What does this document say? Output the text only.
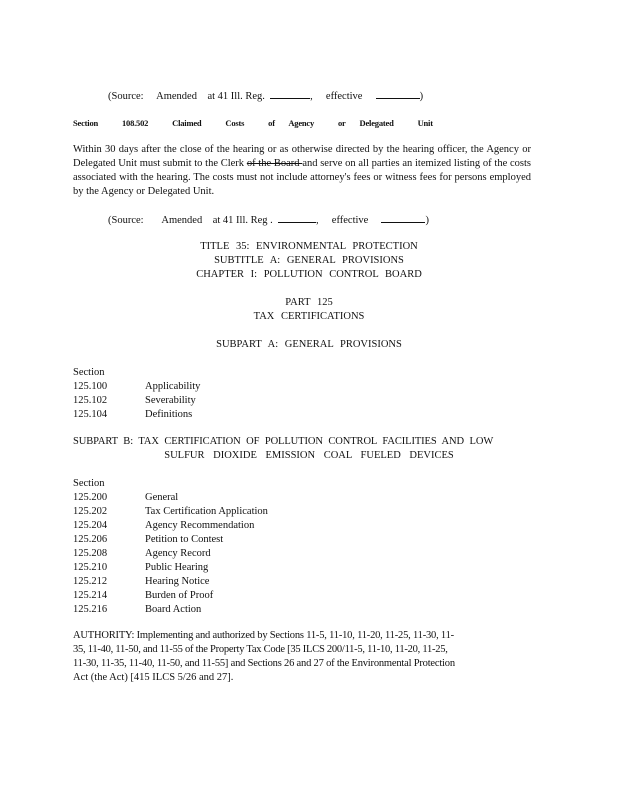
(Source: Amended at 41 Ill. Reg.	, effective	)
Section	108.502	Claimed	Costs	of Agency	or Delegated	Unit
Within 30 days after the close of the hearing or as otherwise directed by the hearing officer, the Agency or Delegated Unit must submit to the Clerk of the Board and serve on all parties an itemized listing of the costs associated with the hearing. The costs must not include attorney's fees or witness fees for persons employed by the Agency or Delegated Unit.
(Source: Amended at 41 Ill. Reg .	, effective	)
TITLE 35: ENVIRONMENTAL PROTECTION
SUBTITLE A: GENERAL PROVISIONS
CHAPTER I: POLLUTION CONTROL BOARD
PART 125
TAX CERTIFICATIONS
SUBPART A: GENERAL PROVISIONS
Section
125.100	Applicability
125.102	Severability
125.104	Definitions
SUBPART B: TAX CERTIFICATION OF POLLUTION CONTROL FACILITIES AND LOW
SULFUR DIOXIDE EMISSION COAL FUELED DEVICES
Section
125.200	General
125.202	Tax Certification Application
125.204	Agency Recommendation
125.206	Petition to Contest
125.208	Agency Record
125.210	Public Hearing
125.212	Hearing Notice
125.214	Burden of Proof
125.216	Board Action
AUTHORITY: Implementing and authorized by Sections 11-5, 11-10, 11-20, 11-25, 11-30, 11-
35, 11-40, 11-50, and 11-55 of the Property Tax Code [35 ILCS 200/11-5, 11-10, 11-20, 11-25,
11-30, 11-35, 11-40, 11-50, and 11-55] and Sections 26 and 27 of the Environmental Protection
Act (the Act) [415 ILCS 5/26 and 27].
